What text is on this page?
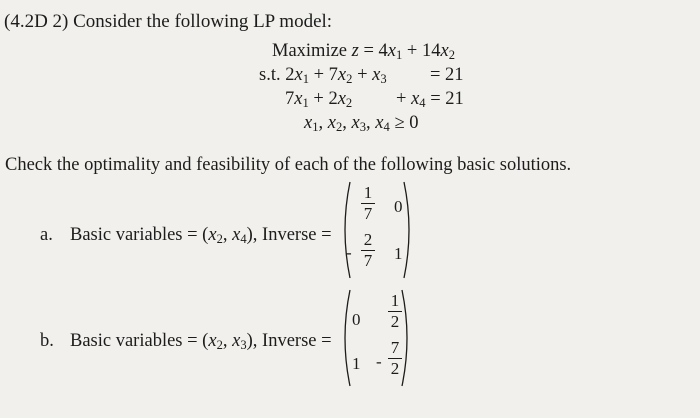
(4.2D 2) Consider the following LP model:
Maximize $z = 4x_1 + 14x_2$
s.t. $2x_1 + 7x_2 + x_3 = 21$
$7x_1 + 2x_2 + x_4 = 21$
$x_1$, $x_2$, $x_3$, $x_4 \ge 0$
Check the optimality and feasibility of each of the following basic solutions.
a. Basic variables = ($x_2$, $x_4$), Inverse =
1
7	0
-
2
7	1
b. Basic variables = ($x_2$, $x_3$), Inverse =
0
1
2
1 -
7
2
